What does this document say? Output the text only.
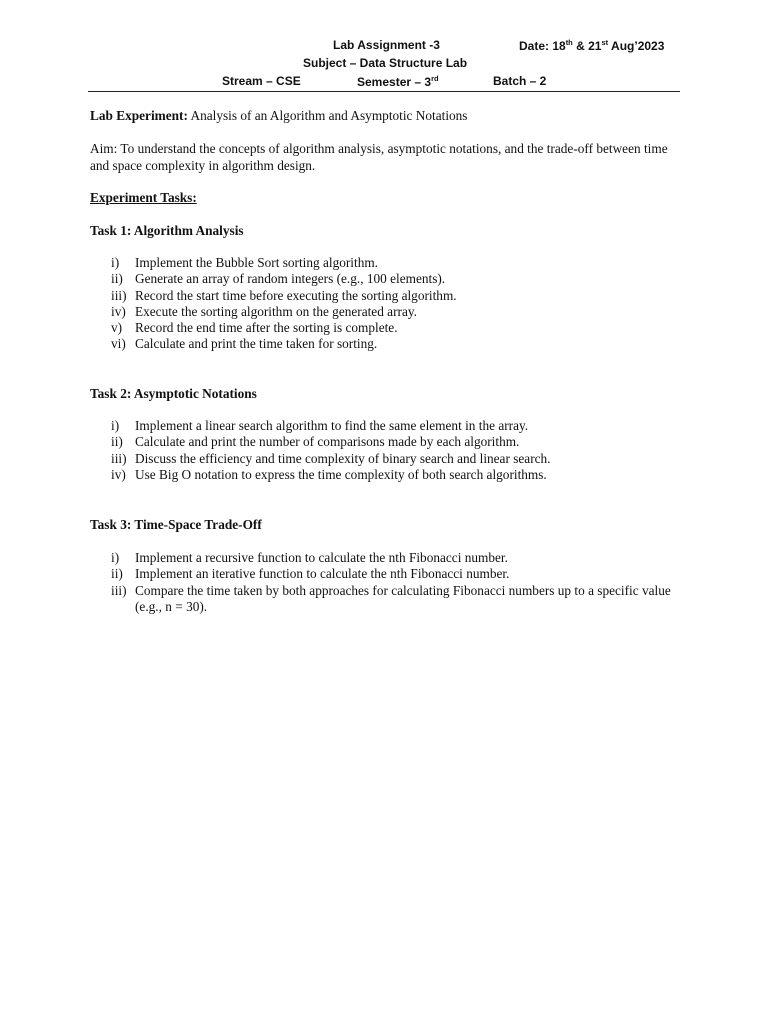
Lab Assignment -3	Date: 18th & 21st Aug’2023
Subject – Data Structure Lab
Stream – CSE	Semester – 3rd	Batch – 2
Lab Experiment: Analysis of an Algorithm and Asymptotic Notations
Aim: To understand the concepts of algorithm analysis, asymptotic notations, and the trade-off between time and space complexity in algorithm design.
Experiment Tasks:
Task 1: Algorithm Analysis
i)	Implement the Bubble Sort sorting algorithm.
ii) Generate an array of random integers (e.g., 100 elements).
iii) Record the start time before executing the sorting algorithm.
iv) Execute the sorting algorithm on the generated array.
v) Record the end time after the sorting is complete.
vi) Calculate and print the time taken for sorting.
Task 2: Asymptotic Notations
i)	Implement a linear search algorithm to find the same element in the array.
ii) Calculate and print the number of comparisons made by each algorithm.
iii) Discuss the efficiency and time complexity of binary search and linear search.
iv) Use Big O notation to express the time complexity of both search algorithms.
Task 3: Time-Space Trade-Off
i)	Implement a recursive function to calculate the nth Fibonacci number.
ii) Implement an iterative function to calculate the nth Fibonacci number.
iii) Compare the time taken by both approaches for calculating Fibonacci numbers up to a specific value (e.g., n = 30).
